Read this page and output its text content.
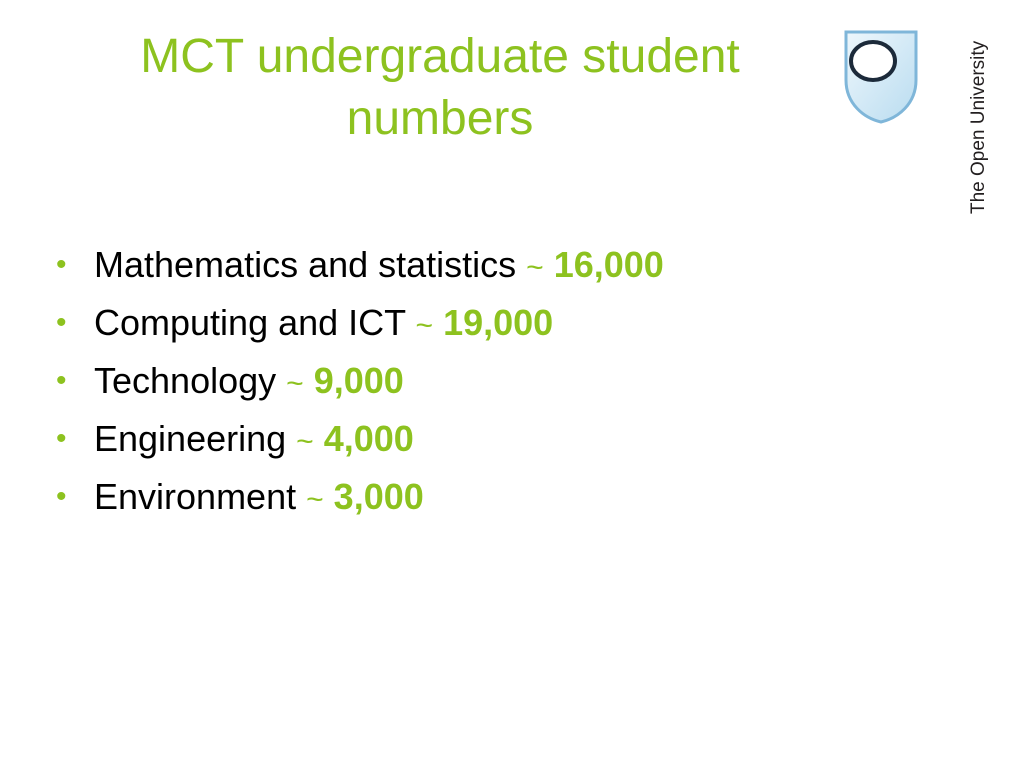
MCT undergraduate student
numbers	The Open University
• Mathematics and statistics ~ 16,000
• Computing and ICT ~ 19,000
• Technology ~ 9,000
• Engineering ~ 4,000
• Environment ~ 3,000
